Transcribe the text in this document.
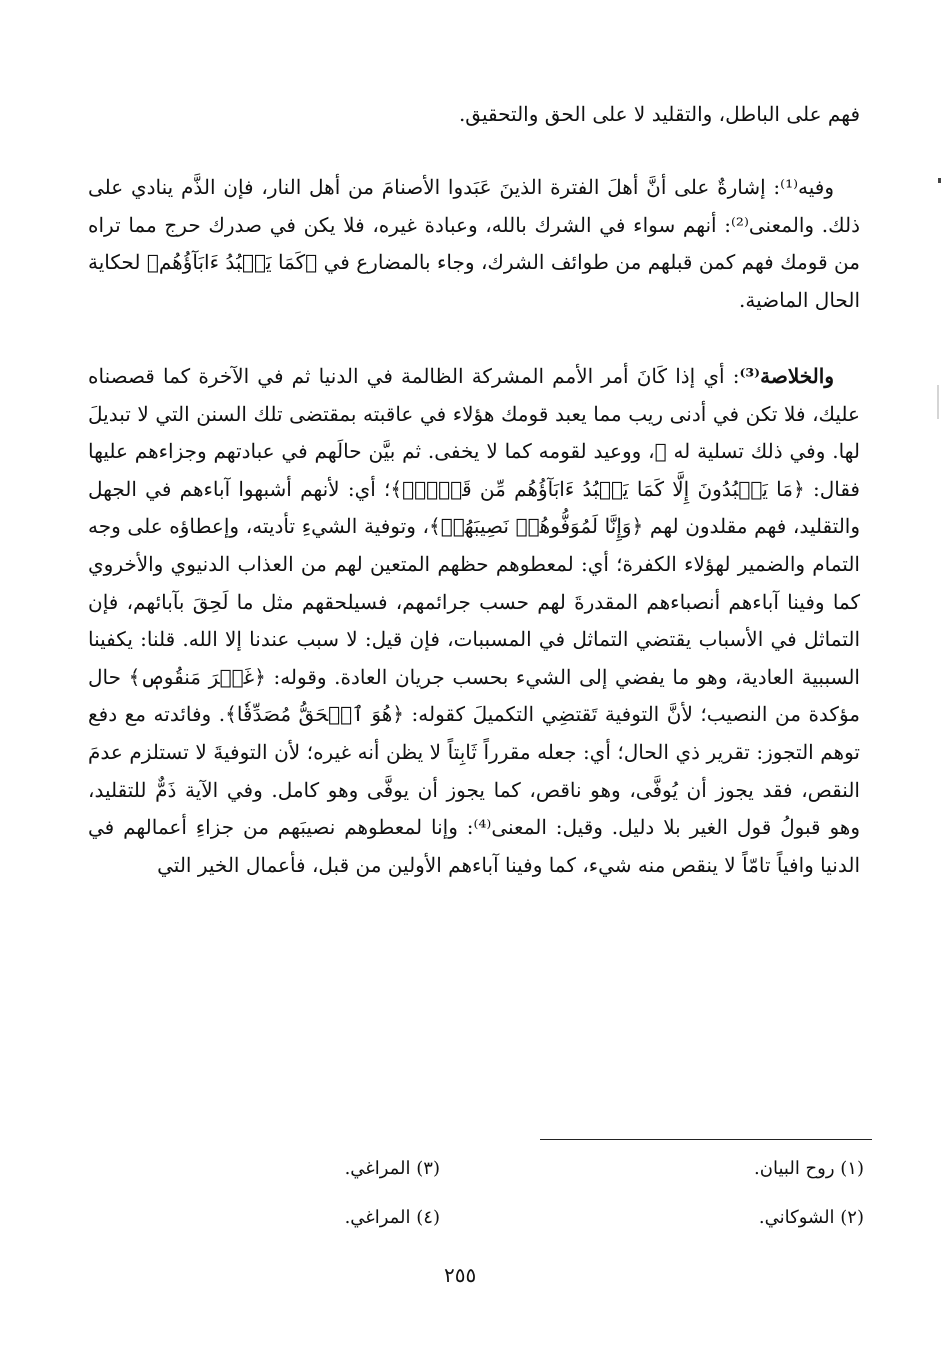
فهم على الباطل، والتقليد لا على الحق والتحقيق.

وفيه⁽¹⁾: إشارةٌ على أنَّ أهلَ الفترة الذينَ عَبَدوا الأصنامَ من أهل النار، فإن الذَّم ينادي على ذلك. والمعنى⁽²⁾: أنهم سواء في الشرك بالله، وعبادة غيره، فلا يكن في صدرك حرج مما تراه من قومك فهم كمن قبلهم من طوائف الشرك، وجاء بالمضارع في ﴿كَمَا يَعۡبُدُ ءَابَآؤُهُم﴾ لحكاية الحال الماضية.

والخلاصة⁽³⁾: أي إذا كَانَ أمر الأمم المشركة الظالمة في الدنيا ثم في الآخرة كما قصصناه عليك، فلا تكن في أدنى ريب مما يعبد قومك هؤلاء في عاقبته بمقتضى تلك السنن التي لا تبديلَ لها. وفي ذلك تسلية له ﷺ، ووعيد لقومه كما لا يخفى. ثم بيَّن حالَهم في عبادتهم وجزاءهم عليها فقال: ﴿مَا يَعۡبُدُونَ إِلَّا كَمَا يَعۡبُدُ ءَابَآؤُهُم مِّن قَبۡلُۚ﴾؛ أي: لأنهم أشبهوا آباءهم في الجهل والتقليد، فهم مقلدون لهم ﴿وَإِنَّا لَمُوَفُّوهُمۡ نَصِيبَهُمۡ﴾، وتوفية الشيءِ تأديته، وإعطاؤه على وجه التمام والضمير لهؤلاء الكفرة؛ أي: لمعطوهم حظهم المتعين لهم من العذاب الدنيوي والأخروي كما وفينا آباءهم أنصباءهم المقدرةَ لهم حسب جرائمهم، فسيلحقهم مثل ما لَحِقَ بآبائهم، فإن التماثل في الأسباب يقتضي التماثل في المسببات، فإن قيل: لا سبب عندنا إلا الله. قلنا: يكفينا السببية العادية، وهو ما يفضي إلى الشيء بحسب جريان العادة. وقوله: ﴿غَيۡرَ مَنقُوصٖ﴾ حال مؤكدة من النصيب؛ لأنَّ التوفية تَقتضِي التكميلَ كقوله: ﴿هُوَ ٱلۡحَقُّ مُصَدِّقٗا﴾. وفائدته مع دفع توهم التجوز: تقرير ذي الحال؛ أي: جعله مقرراً ثَابِتاً لا يظن أنه غيره؛ لأن التوفيةَ لا تستلزم عدمَ النقص، فقد يجوز أن يُوفَّى، وهو ناقص، كما يجوز أن يوفَّى وهو كامل. وفي الآية ذَمٌّ للتقليد، وهو قبولُ قول الغير بلا دليل. وقيل: المعنى⁽⁴⁾: وإنا لمعطوهم نصيبَهم من جزاءِ أعمالهم في الدنيا وافياً تامّاً لا ينقص منه شيء، كما وفينا آباءهم الأولين من قبل، فأعمال الخير التي

(١) روح البيان.
(٢) الشوكاني.
(٣) المراغي.
(٤) المراغي.
٢٥٥
